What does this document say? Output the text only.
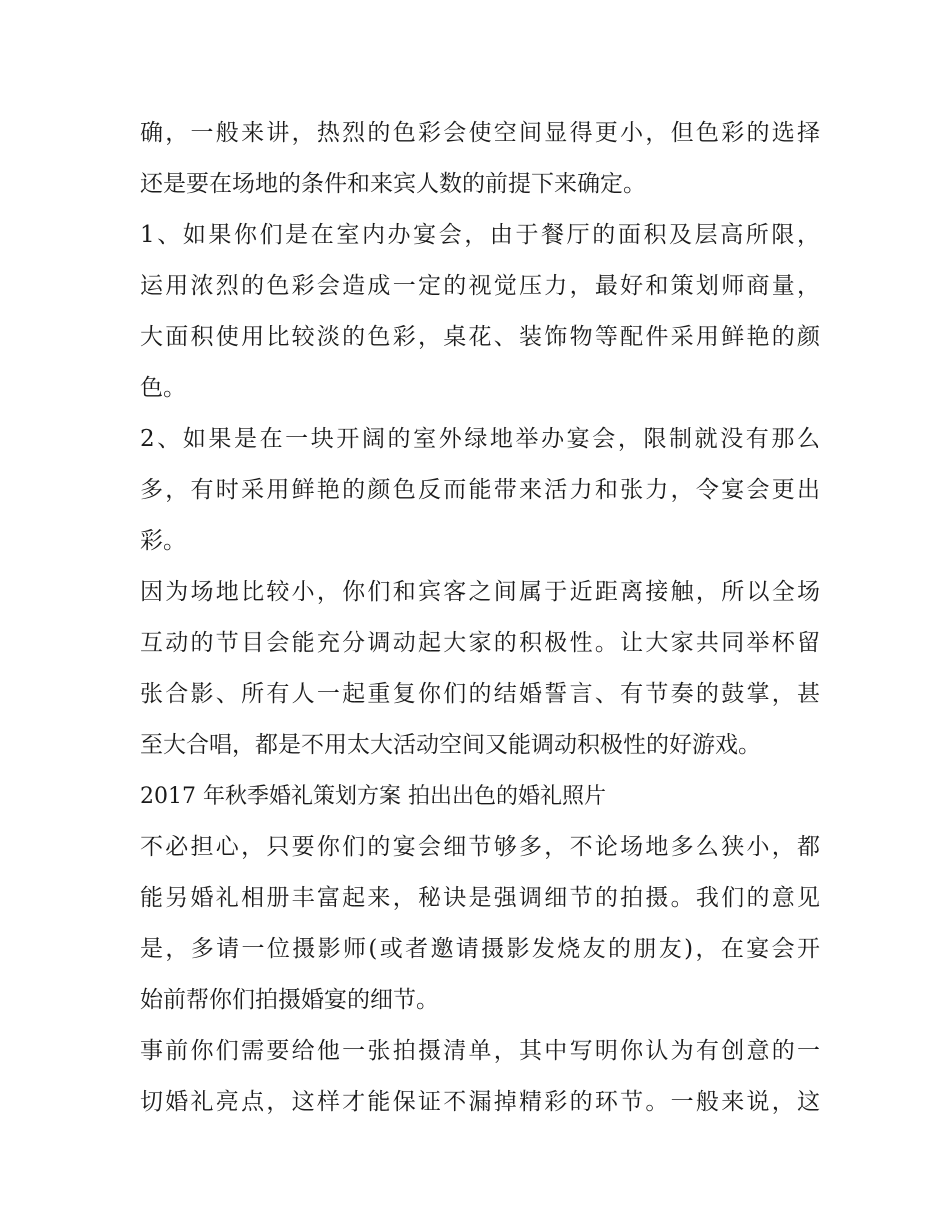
确，一般来讲，热烈的色彩会使空间显得更小，但色彩的选择
还是要在场地的条件和来宾人数的前提下来确定。
1、如果你们是在室内办宴会，由于餐厅的面积及层高所限，
运用浓烈的色彩会造成一定的视觉压力，最好和策划师商量，
大面积使用比较淡的色彩，桌花、装饰物等配件采用鲜艳的颜
色。
2、如果是在一块开阔的室外绿地举办宴会，限制就没有那么
多，有时采用鲜艳的颜色反而能带来活力和张力，令宴会更出
彩。
因为场地比较小，你们和宾客之间属于近距离接触，所以全场
互动的节目会能充分调动起大家的积极性。让大家共同举杯留
张合影、所有人一起重复你们的结婚誓言、有节奏的鼓掌，甚
至大合唱，都是不用太大活动空间又能调动积极性的好游戏。
2017 年秋季婚礼策划方案 拍出出色的婚礼照片
不必担心，只要你们的宴会细节够多，不论场地多么狭小，都
能另婚礼相册丰富起来，秘诀是强调细节的拍摄。我们的意见
是，多请一位摄影师(或者邀请摄影发烧友的朋友)，在宴会开
始前帮你们拍摄婚宴的细节。
事前你们需要给他一张拍摄清单，其中写明你认为有创意的一
切婚礼亮点，这样才能保证不漏掉精彩的环节。一般来说，这
